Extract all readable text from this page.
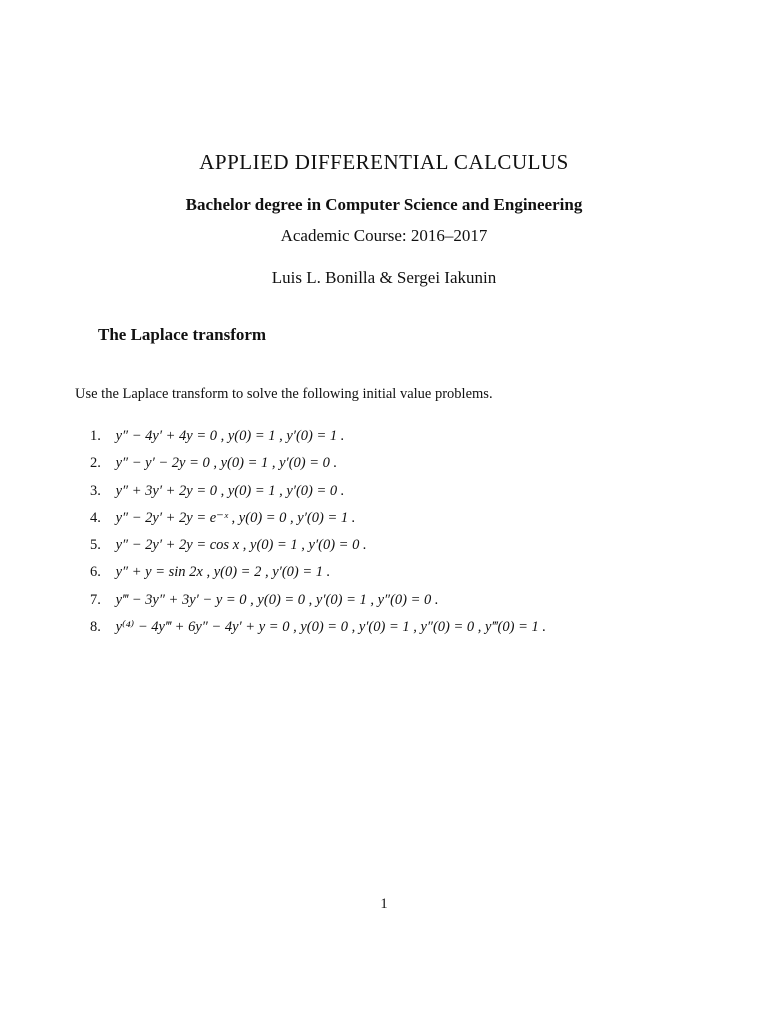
APPLIED DIFFERENTIAL CALCULUS
Bachelor degree in Computer Science and Engineering
Academic Course: 2016–2017
Luis L. Bonilla & Sergei Iakunin
The Laplace transform
Use the Laplace transform to solve the following initial value problems.
1. y″ − 4y′ + 4y = 0 , y(0) = 1 , y′(0) = 1 .
2. y″ − y′ − 2y = 0 , y(0) = 1 , y′(0) = 0 .
3. y″ + 3y′ + 2y = 0 , y(0) = 1 , y′(0) = 0 .
4. y″ − 2y′ + 2y = e⁻ˣ , y(0) = 0 , y′(0) = 1 .
5. y″ − 2y′ + 2y = cos x , y(0) = 1 , y′(0) = 0 .
6. y″ + y = sin 2x , y(0) = 2 , y′(0) = 1 .
7. y‴ − 3y″ + 3y′ − y = 0 , y(0) = 0 , y′(0) = 1 , y″(0) = 0 .
8. y⁽⁴⁾ − 4y‴ + 6y″ − 4y′ + y = 0 , y(0) = 0 , y′(0) = 1 , y″(0) = 0 , y‴(0) = 1 .
1
